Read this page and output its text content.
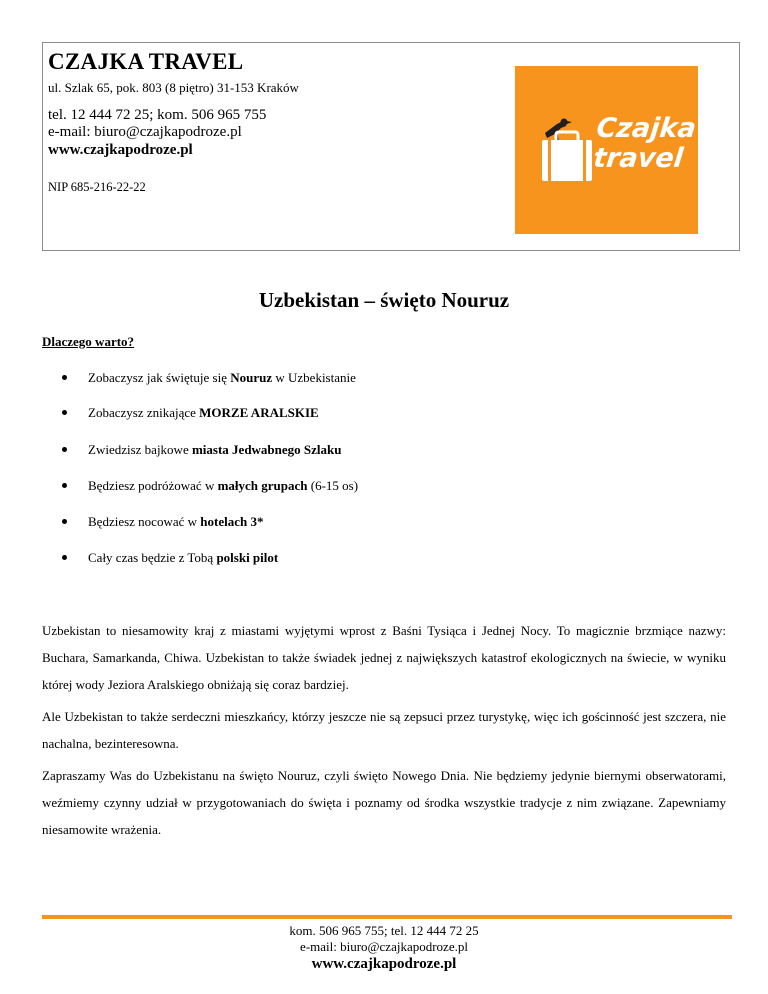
CZAJKA TRAVEL
ul. Szlak 65, pok. 803 (8 piętro) 31-153 Kraków
tel. 12 444 72 25; kom. 506 965 755
e-mail: biuro@czajkapodroze.pl
www.czajkapodroze.pl
NIP 685-216-22-22
Czajka
travel
Uzbekistan – święto Nouruz
Dlaczego warto?
Zobaczysz jak świętuje się Nouruz w Uzbekistanie
Zobaczysz znikające MORZE ARALSKIE
Zwiedzisz bajkowe miasta Jedwabnego Szlaku
Będziesz podróżować w małych grupach (6-15 os)
Będziesz nocować w hotelach 3*
Cały czas będzie z Tobą polski pilot

Uzbekistan to niesamowity kraj z miastami wyjętymi wprost z Baśni Tysiąca i Jednej Nocy. To magicznie brzmiące nazwy: Buchara, Samarkanda, Chiwa. Uzbekistan to także świadek jednej z największych katastrof ekologicznych na świecie, w wyniku której wody Jeziora Aralskiego obniżają się coraz bardziej.

Ale Uzbekistan to także serdeczni mieszkańcy, którzy jeszcze nie są zepsuci przez turystykę, więc ich gościnność jest szczera, nie nachalna, bezinteresowna.

Zapraszamy Was do Uzbekistanu na święto Nouruz, czyli święto Nowego Dnia. Nie będziemy jedynie biernymi obserwatorami, weźmiemy czynny udział w przygotowaniach do święta i poznamy od środka wszystkie tradycje z nim związane. Zapewniamy niesamowite wrażenia.

kom. 506 965 755; tel. 12 444 72 25
e-mail: biuro@czajkapodroze.pl
www.czajkapodroze.pl
